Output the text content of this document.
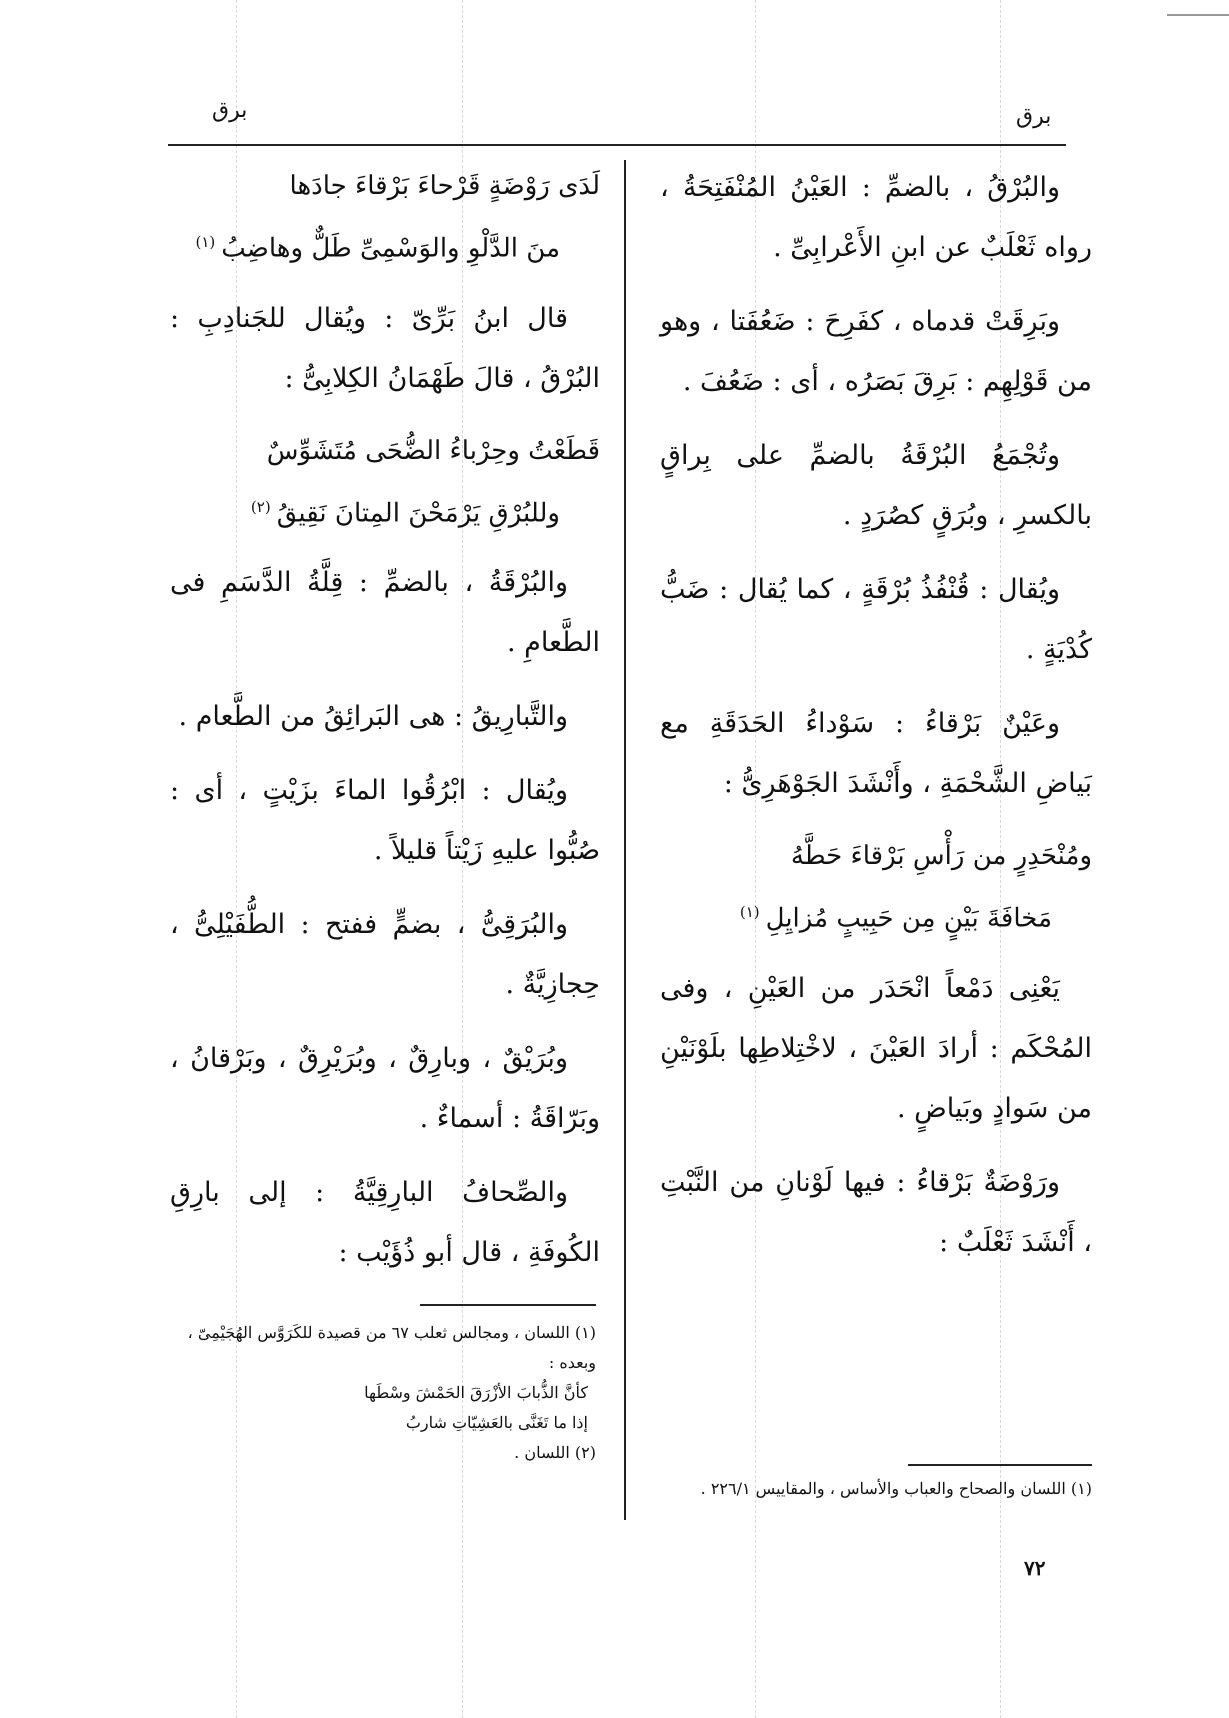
برق
برق

والبُرْقُ ، بالضمِّ : العَيْنُ المُنْفَتِحَةُ ، رواه ثَعْلَبٌ عن ابنِ الأَعْرابِىِّ .

وبَرِقَتْ قدماه ، كفَرِحَ : ضَعُفَتا ، وهو من قَوْلِهِم : بَرِقَ بَصَرُه ، أى : ضَعُفَ .

وتُجْمَعُ البُرْقَةُ بالضمِّ على بِراقٍ بالكسرِ ، وبُرَقٍ كصُرَدٍ .

ويُقال : قُنْفُذُ بُرْقَةٍ ، كما يُقال : ضَبُّ كُدْيَةٍ .

وعَيْنٌ بَرْقاءُ : سَوْداءُ الحَدَقَةِ مع بَياضِ الشَّحْمَةِ ، وأَنْشَدَ الجَوْهَرِىُّ :

ومُنْحَدِرٍ من رَأْسِ بَرْقاءَ حَطَّهُ

مَخافَةَ بَيْنٍ مِن حَبِيبٍ مُزايِلِ$^{(١)}$

يَعْنِى دَمْعاً انْحَدَر من العَيْنِ ، وفى المُحْكَم : أرادَ العَيْنَ ، لاخْتِلاطِها بلَوْنَيْنِ من سَوادٍ وبَياضٍ .

ورَوْضَةٌ بَرْقاءُ : فيها لَوْنانِ من النَّبْتِ ، أَنْشَدَ ثَعْلَبٌ :

لَدَى رَوْضَةٍ قَرْحاءَ بَرْقاءَ جادَها

منَ الدَّلْوِ والوَسْمِىِّ طَلٌّ وهاضِبُ$^{(١)}$

قال ابنُ بَرِّىّ : ويُقال للجَنادِبِ : البُرْقُ ، قالَ طَهْمَانُ الكِلابِىُّ :

قَطَعْتُ وحِرْباءُ الضُّحَى مُتَشَوِّسٌ

وللبُرْقِ يَرْمَحْنَ المِتانَ نَقِيقُ$^{(٢)}$

والبُرْقَةُ ، بالضمِّ : قِلَّةُ الدَّسَمِ فى الطَّعامِ .

والتَّبارِيقُ : هى البَرائِقُ من الطَّعام .

ويُقال : ابْرُقُوا الماءَ بزَيْتٍ ، أى : صُبُّوا عليهِ زَيْتاً قليلاً .

والبُرَقِىُّ ، بضمٍّ ففتح : الطُّفَيْلِىُّ ، حِجازِيَّةٌ .

وبُرَيْقٌ ، وبارِقٌ ، وبُرَيْرِقٌ ، وبَرْقانُ ، وبَرّاقَةُ : أسماءٌ .

والصِّحافُ البارِقِيَّةُ : إلى بارِقِ الكُوفَةِ ، قال أبو ذُؤَيْب :

(١) اللسان ، ومجالس ثعلب ٦٧ من قصيدة للكَرَوَّس الهُجَيْمِىّ ، وبعده :

كأنَّ الذُّبابَ الأزْرَقَ الحَمْشَ وسْطَها

إذا ما تَغَنَّى بالعَشِيّاتِ شاربُ

(٢) اللسان .

(١) اللسان والصحاح والعباب والأساس ، والمقاييس ٢٢٦/١ .

٧٢
